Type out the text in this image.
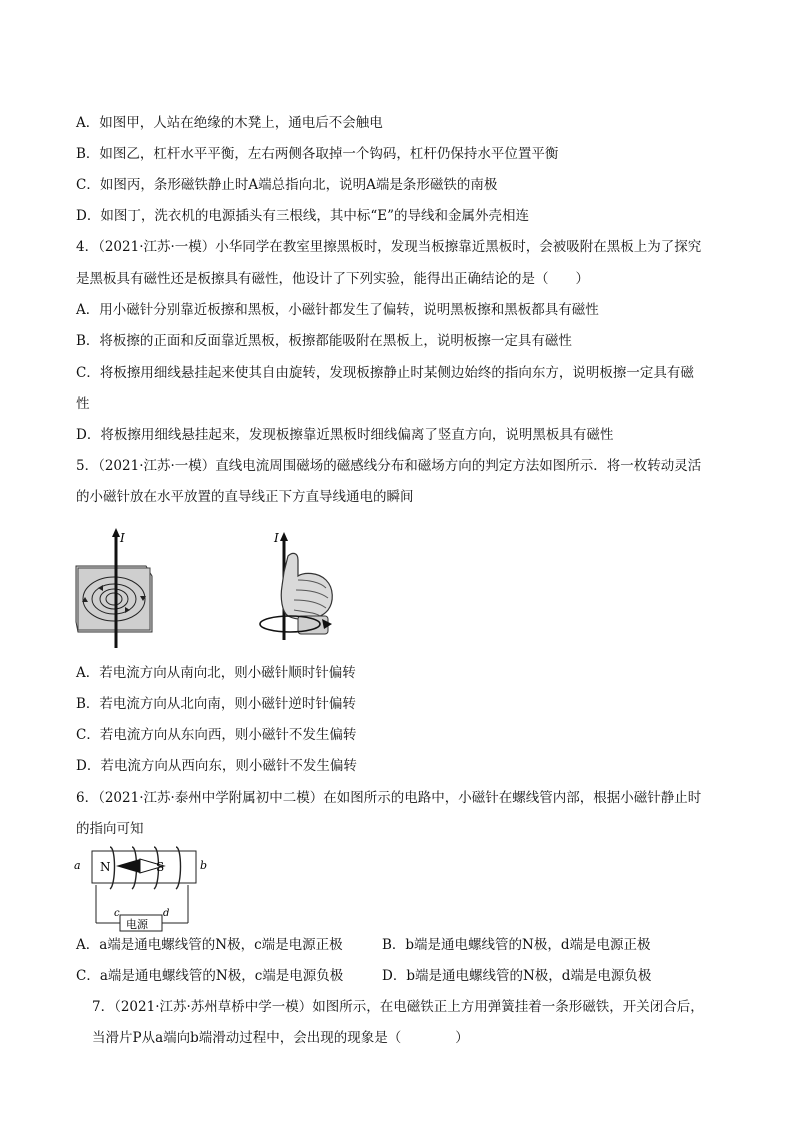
A．如图甲，人站在绝缘的木凳上，通电后不会触电
B．如图乙，杠杆水平平衡，左右两侧各取掉一个钩码，杠杆仍保持水平位置平衡
C．如图丙，条形磁铁静止时A端总指向北，说明A端是条形磁铁的南极
D．如图丁，洗衣机的电源插头有三根线，其中标“E”的导线和金属外壳相连
4．（2021·江苏·一模）小华同学在教室里擦黑板时，发现当板擦靠近黑板时，会被吸附在黑板上为了探究
是黑板具有磁性还是板擦具有磁性，他设计了下列实验，能得出正确结论的是（　　）
A．用小磁针分别靠近板擦和黑板，小磁针都发生了偏转，说明黑板擦和黑板都具有磁性
B．将板擦的正面和反面靠近黑板，板擦都能吸附在黑板上，说明板擦一定具有磁性
C．将板擦用细线悬挂起来使其自由旋转，发现板擦静止时某侧边始终的指向东方，说明板擦一定具有磁
性
D．将板擦用细线悬挂起来，发现板擦靠近黑板时细线偏离了竖直方向，说明黑板具有磁性
5．（2021·江苏·一模）直线电流周围磁场的磁感线分布和磁场方向的判定方法如图所示．将一枚转动灵活
的小磁针放在水平放置的直导线正下方直导线通电的瞬间
I	I
A．若电流方向从南向北，则小磁针顺时针偏转
B．若电流方向从北向南，则小磁针逆时针偏转
C．若电流方向从东向西，则小磁针不发生偏转
D．若电流方向从西向东，则小磁针不发生偏转
6．（2021·江苏·泰州中学附属初中二模）在如图所示的电路中，小磁针在螺线管内部，根据小磁针静止时
的指向可知
N	S
a	b
电源
c	d
A．a端是通电螺线管的N极，c端是电源正极	B．b端是通电螺线管的N极，d端是电源正极
C．a端是通电螺线管的N极，c端是电源负极	D．b端是通电螺线管的N极，d端是电源负极
7．（2021·江苏·苏州草桥中学一模）如图所示，在电磁铁正上方用弹簧挂着一条形磁铁，开关闭合后，
当滑片P从a端向b端滑动过程中，会出现的现象是（　　　　）
